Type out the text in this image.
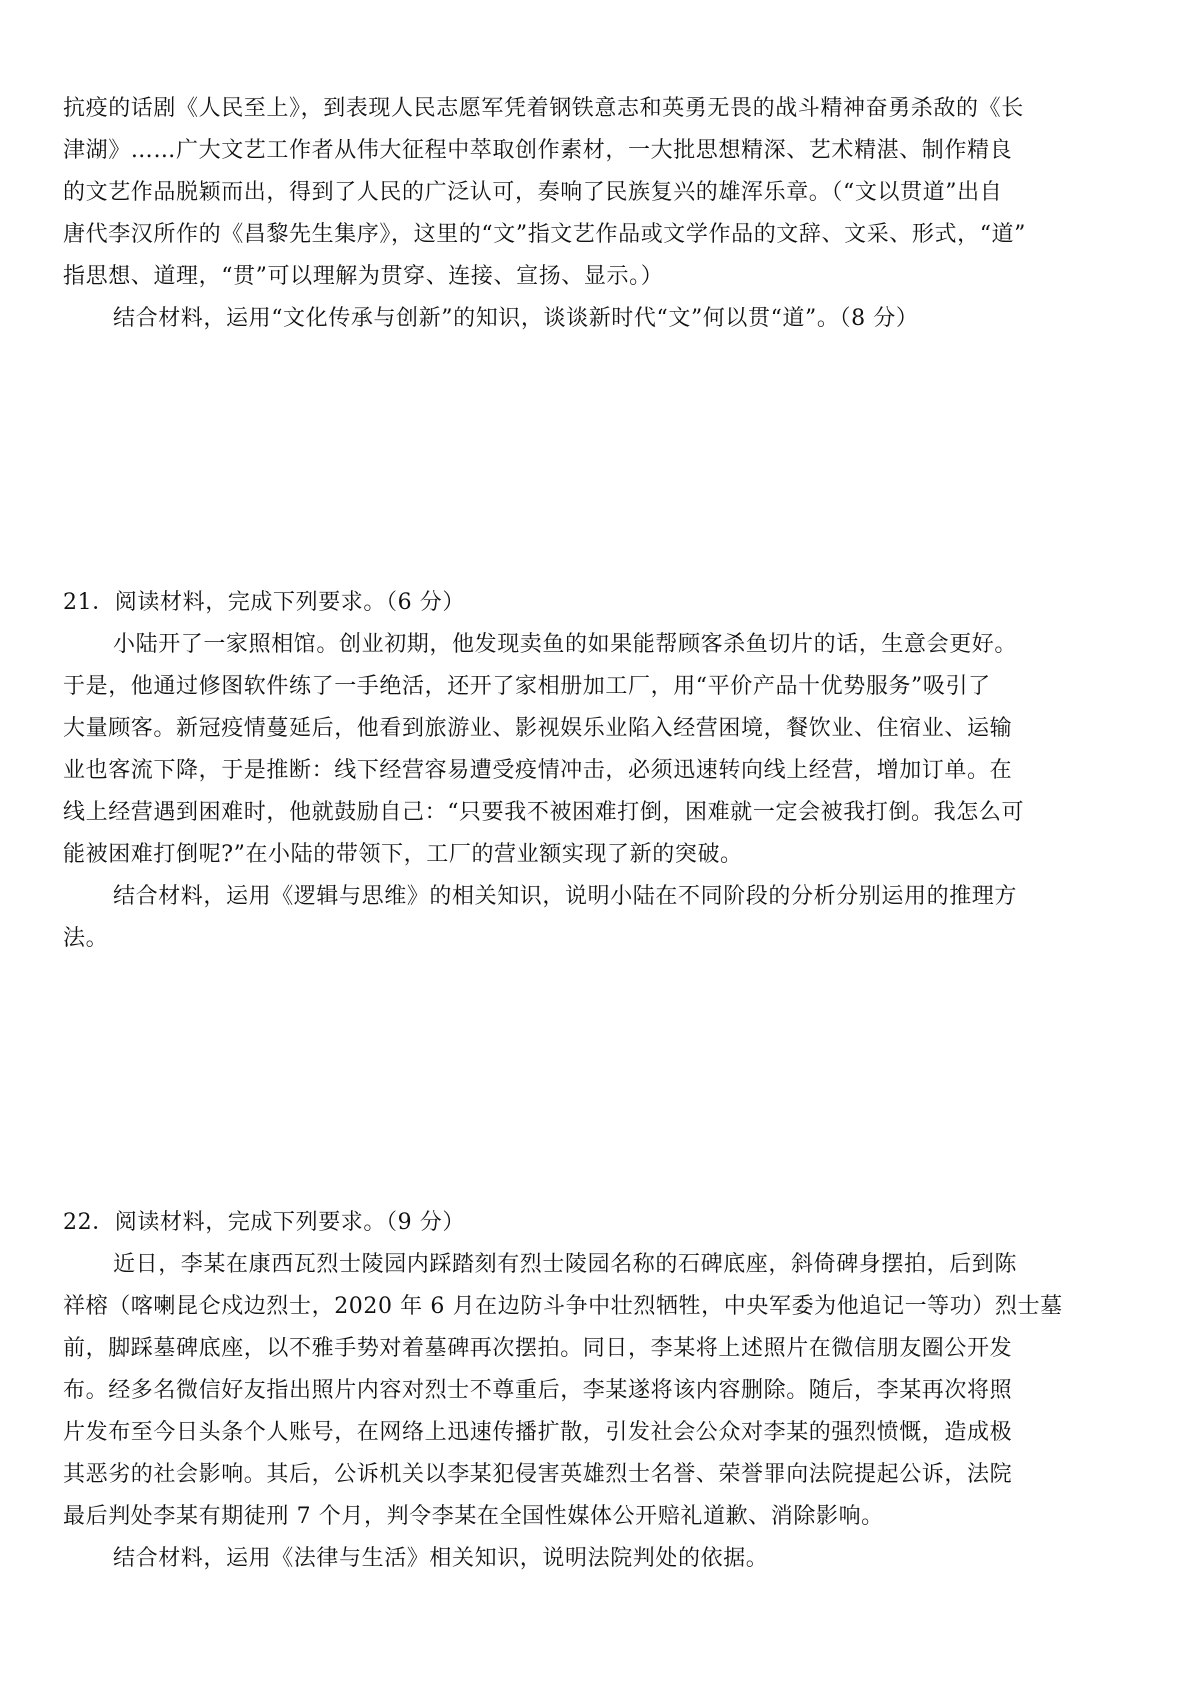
抗疫的话剧《人民至上》，到表现人民志愿军凭着钢铁意志和英勇无畏的战斗精神奋勇杀敌的《长
津湖》……广大文艺工作者从伟大征程中萃取创作素材，一大批思想精深、艺术精湛、制作精良
的文艺作品脱颖而出，得到了人民的广泛认可，奏响了民族复兴的雄浑乐章。（“文以贯道”出自
唐代李汉所作的《昌黎先生集序》，这里的“文”指文艺作品或文学作品的文辞、文采、形式，“道”
指思想、道理，“贯”可以理解为贯穿、连接、宣扬、显示。）
结合材料，运用“文化传承与创新”的知识，谈谈新时代“文”何以贯“道”。（8 分）
21．阅读材料，完成下列要求。（6 分）
小陆开了一家照相馆。创业初期，他发现卖鱼的如果能帮顾客杀鱼切片的话，生意会更好。
于是，他通过修图软件练了一手绝活，还开了家相册加工厂，用“平价产品十优势服务”吸引了
大量顾客。新冠疫情蔓延后，他看到旅游业、影视娱乐业陷入经营困境，餐饮业、住宿业、运输
业也客流下降，于是推断：线下经营容易遭受疫情冲击，必须迅速转向线上经营，增加订单。在
线上经营遇到困难时，他就鼓励自己：“只要我不被困难打倒，困难就一定会被我打倒。我怎么可
能被困难打倒呢?”在小陆的带领下，工厂的营业额实现了新的突破。
结合材料，运用《逻辑与思维》的相关知识，说明小陆在不同阶段的分析分别运用的推理方
法。
22．阅读材料，完成下列要求。（9 分）
近日，李某在康西瓦烈士陵园内踩踏刻有烈士陵园名称的石碑底座，斜倚碑身摆拍，后到陈
祥榕（喀喇昆仑戍边烈士，2020 年 6 月在边防斗争中壮烈牺牲，中央军委为他追记一等功）烈士墓
前，脚踩墓碑底座，以不雅手势对着墓碑再次摆拍。同日，李某将上述照片在微信朋友圈公开发
布。经多名微信好友指出照片内容对烈士不尊重后，李某遂将该内容删除。随后，李某再次将照
片发布至今日头条个人账号，在网络上迅速传播扩散，引发社会公众对李某的强烈愤慨，造成极
其恶劣的社会影响。其后，公诉机关以李某犯侵害英雄烈士名誉、荣誉罪向法院提起公诉，法院
最后判处李某有期徒刑 7 个月，判令李某在全国性媒体公开赔礼道歉、消除影响。
结合材料，运用《法律与生活》相关知识，说明法院判处的依据。
